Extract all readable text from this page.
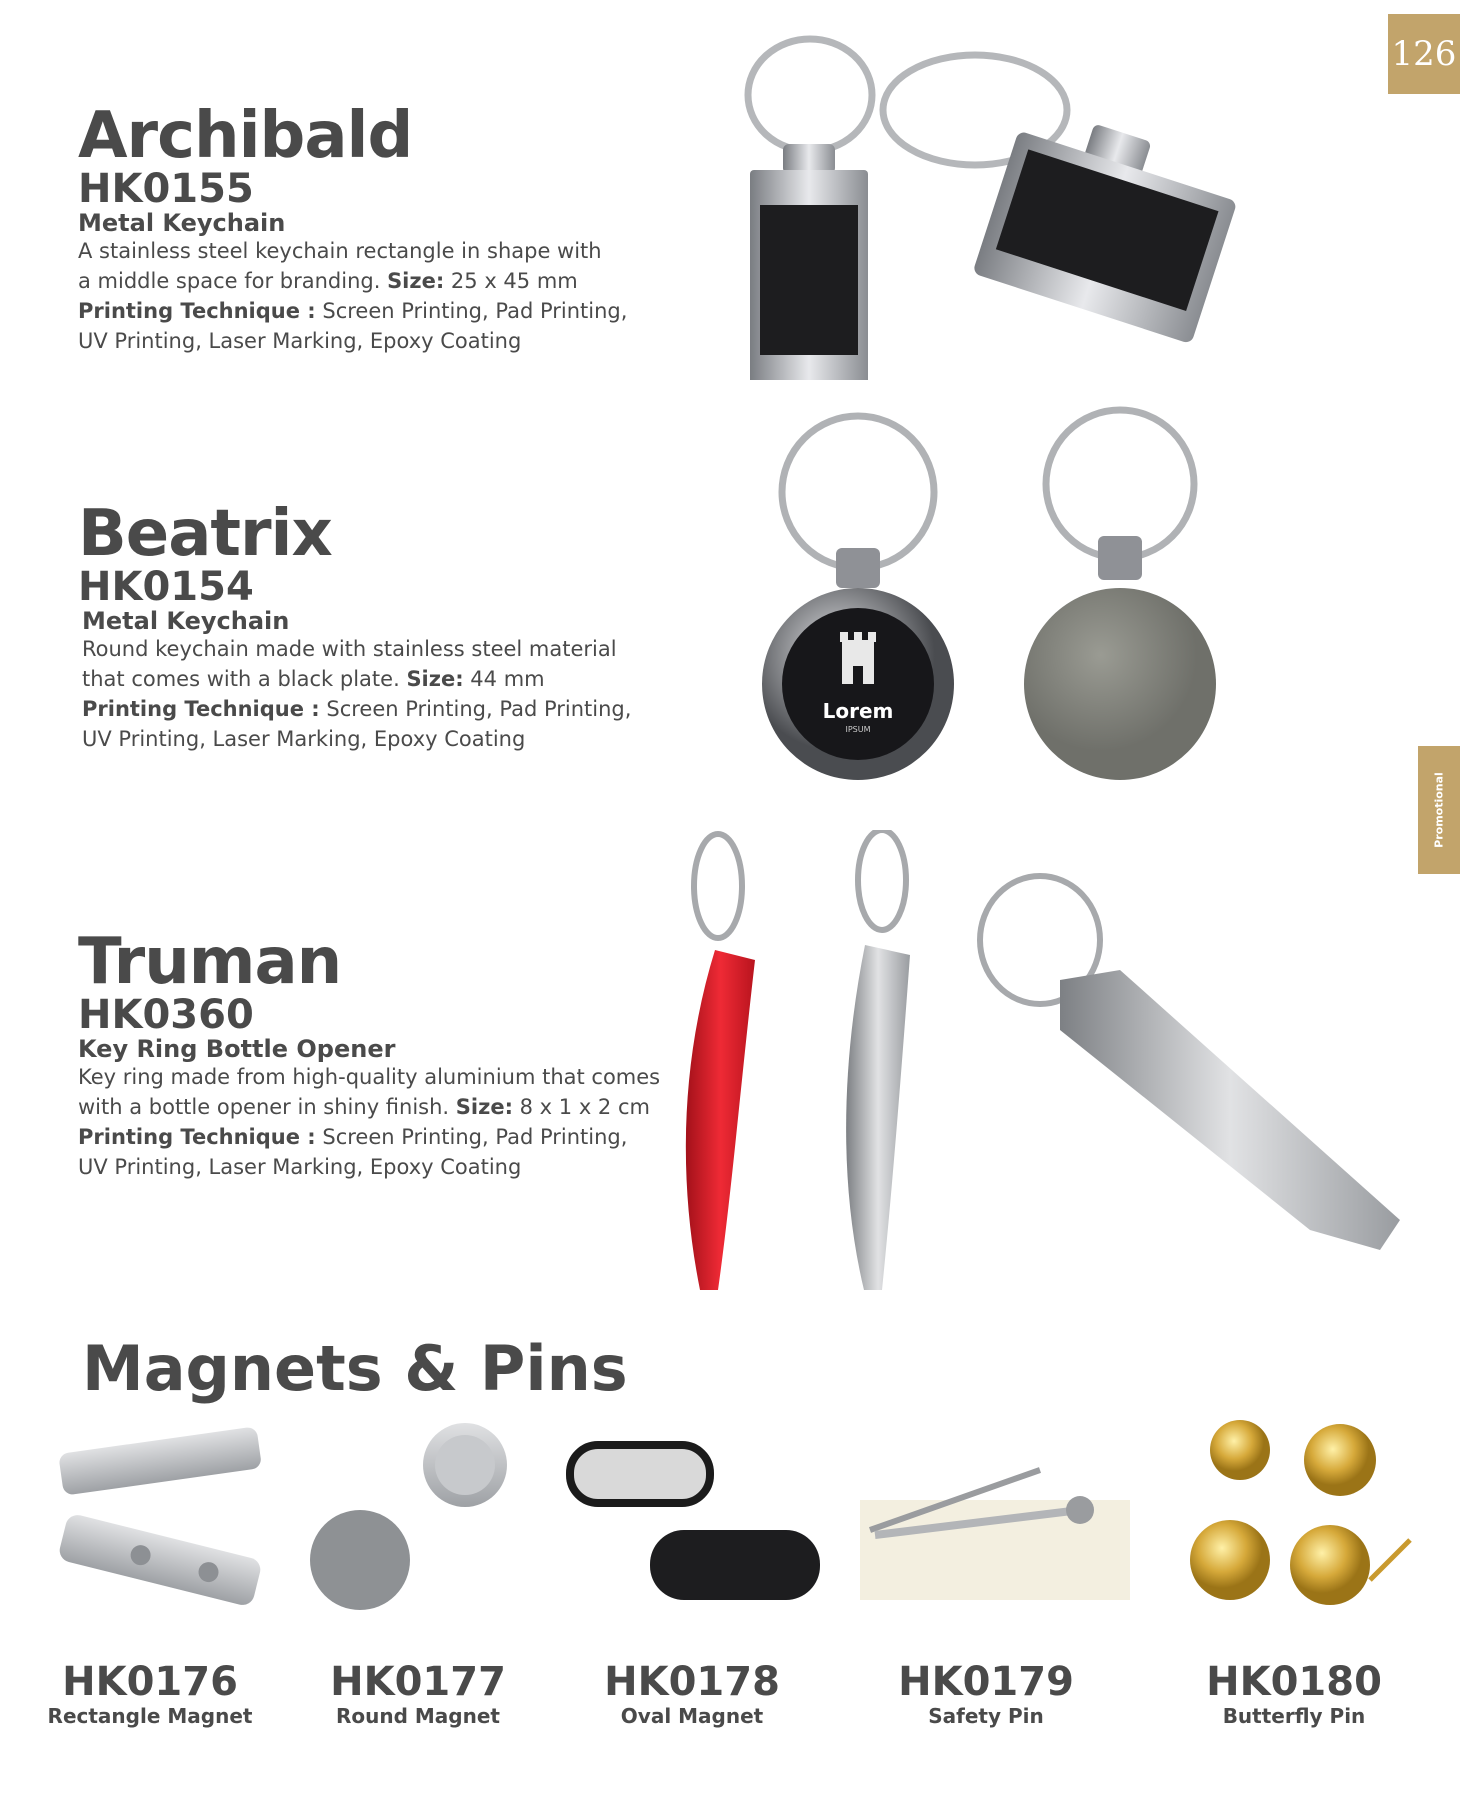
126
Promotional
Archibald
HK0155
Metal Keychain
A stainless steel keychain rectangle in shape with
a middle space for branding. Size: 25 x 45 mm
Printing Technique : Screen Printing, Pad Printing,
UV Printing, Laser Marking, Epoxy Coating
Beatrix
HK0154
Metal Keychain
Round keychain made with stainless steel material
that comes with a black plate. Size: 44 mm
Printing Technique : Screen Printing, Pad Printing,
UV Printing, Laser Marking, Epoxy Coating
Lorem
IPSUM
Truman
HK0360
Key Ring Bottle Opener
Key ring made from high-quality aluminium that comes
with a bottle opener in shiny finish. Size: 8 x 1 x 2 cm
Printing Technique : Screen Printing, Pad Printing,
UV Printing, Laser Marking, Epoxy Coating
Magnets & Pins
HK0176
Rectangle Magnet
HK0177
Round Magnet
HK0178
Oval Magnet
HK0179
Safety Pin
HK0180
Butterfly Pin
